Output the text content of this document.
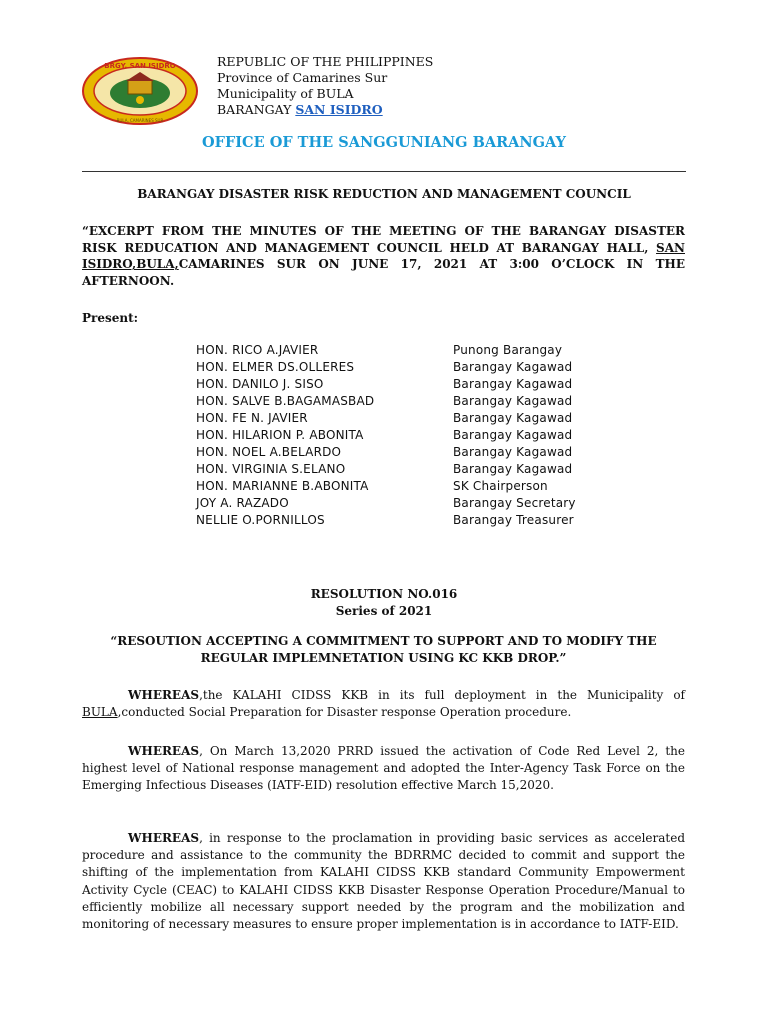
BRGY. SAN ISIDRO
BULA, CAMARINES SUR
REPUBLIC OF THE PHILIPPINES
Province of Camarines Sur
Municipality of BULA
BARANGAY SAN ISIDRO
OFFICE OF THE SANGGUNIANG BARANGAY
BARANGAY DISASTER RISK REDUCTION AND MANAGEMENT COUNCIL
“EXCERPT FROM THE MINUTES OF THE MEETING OF THE BARANGAY DISASTER RISK REDUCATION AND MANAGEMENT COUNCIL HELD AT BARANGAY HALL, SAN ISIDRO,BULA,CAMARINES SUR ON JUNE 17, 2021 AT 3:00 O’CLOCK IN THE AFTERNOON.
Present:
HON. RICO A.JAVIER	Punong Barangay
HON. ELMER DS.OLLERES	Barangay Kagawad
HON. DANILO J. SISO	Barangay Kagawad
HON. SALVE B.BAGAMASBAD	Barangay Kagawad
HON. FE N. JAVIER	Barangay Kagawad
HON. HILARION P. ABONITA	Barangay Kagawad
HON. NOEL A.BELARDO	Barangay Kagawad
HON. VIRGINIA S.ELANO	Barangay Kagawad
HON. MARIANNE B.ABONITA	SK Chairperson
JOY A. RAZADO	Barangay Secretary
NELLIE O.PORNILLOS	Barangay Treasurer
RESOLUTION NO.016
Series of 2021
“RESOUTION ACCEPTING A COMMITMENT TO SUPPORT AND TO MODIFY THE REGULAR IMPLEMNETATION USING KC KKB DROP.”
WHEREAS,the KALAHI CIDSS KKB in its full deployment in the Municipality of BULA,conducted Social Preparation for Disaster response Operation procedure.
WHEREAS, On March 13,2020 PRRD issued the activation of Code Red Level 2, the highest level of National response management and adopted the Inter-Agency Task Force on the Emerging Infectious Diseases (IATF-EID) resolution effective March 15,2020.
WHEREAS, in response to the proclamation in providing basic services as accelerated procedure and assistance to the community the BDRRMC decided to commit and support the shifting of the implementation from KALAHI CIDSS KKB standard Community Empowerment Activity Cycle (CEAC) to KALAHI CIDSS KKB Disaster Response Operation Procedure/Manual to efficiently mobilize all necessary support needed by the program and the mobilization and monitoring of necessary measures to ensure proper implementation is in accordance to IATF-EID.
